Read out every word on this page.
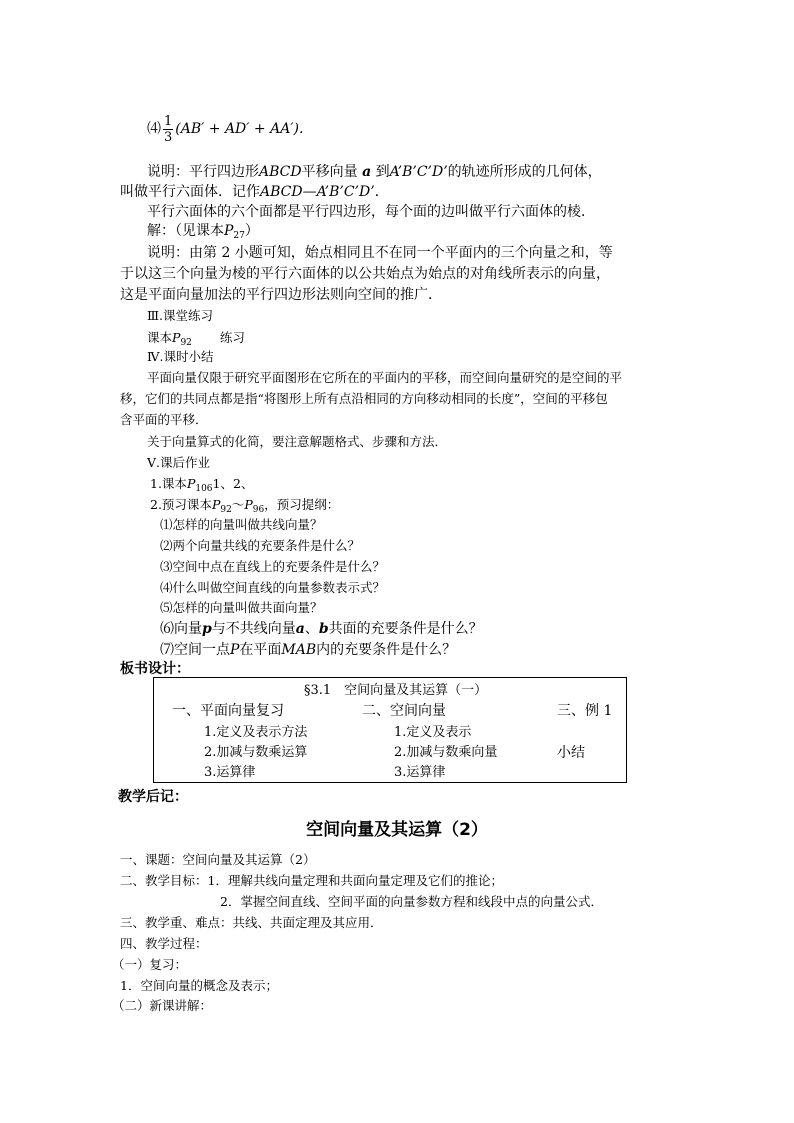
⑷ $\frac{1}{3} (AB' + AD' + AA')$.
说明：平行四边形ABCD平移向量 a 到A’B’C’D’的轨迹所形成的几何体，
叫做平行六面体．记作ABCD—A’B’C’D’．
平行六面体的六个面都是平行四边形，每个面的边叫做平行六面体的棱．
解：（见课本$P_{27}$）
说明：由第 2 小题可知，始点相同且不在同一个平面内的三个向量之和，等
于以这三个向量为棱的平行六面体的以公共始点为始点的对角线所表示的向量，
这是平面向量加法的平行四边形法则向空间的推广．
Ⅲ.课堂练习
课本$P_{92}$ 练习
Ⅳ.课时小结
平面向量仅限于研究平面图形在它所在的平面内的平移，而空间向量研究的是空间的平
移，它们的共同点都是指“将图形上所有点沿相同的方向移动相同的长度”，空间的平移包
含平面的平移．
关于向量算式的化简，要注意解题格式、步骤和方法．
Ⅴ.课后作业
1.课本$P_{106}1$、2、
2.预习课本$P_{92}\sim P_{96}$，预习提纲：
⑴怎样的向量叫做共线向量？
⑵两个向量共线的充要条件是什么？
⑶空间中点在直线上的充要条件是什么？
⑷什么叫做空间直线的向量参数表示式？
⑸怎样的向量叫做共面向量？
⑹向量p与不共线向量a、b共面的充要条件是什么？
⑺空间一点P在平面MAB内的充要条件是什么？
板书设计：
§3.1　空间向量及其运算（一）
一、平面向量复习	二、空间向量	三、例 1
1.定义及表示方法
2.加减与数乘运算
3.运算律
1.定义及表示
2.加减与数乘向量
3.运算律
小结
教学后记：
空间向量及其运算（2）
一、课题：空间向量及其运算（2）
二、教学目标：1．理解共线向量定理和共面向量定理及它们的推论；
2．掌握空间直线、空间平面的向量参数方程和线段中点的向量公式．
三、教学重、难点：共线、共面定理及其应用．
四、教学过程：
（一）复习：
1．空间向量的概念及表示；
（二）新课讲解：
